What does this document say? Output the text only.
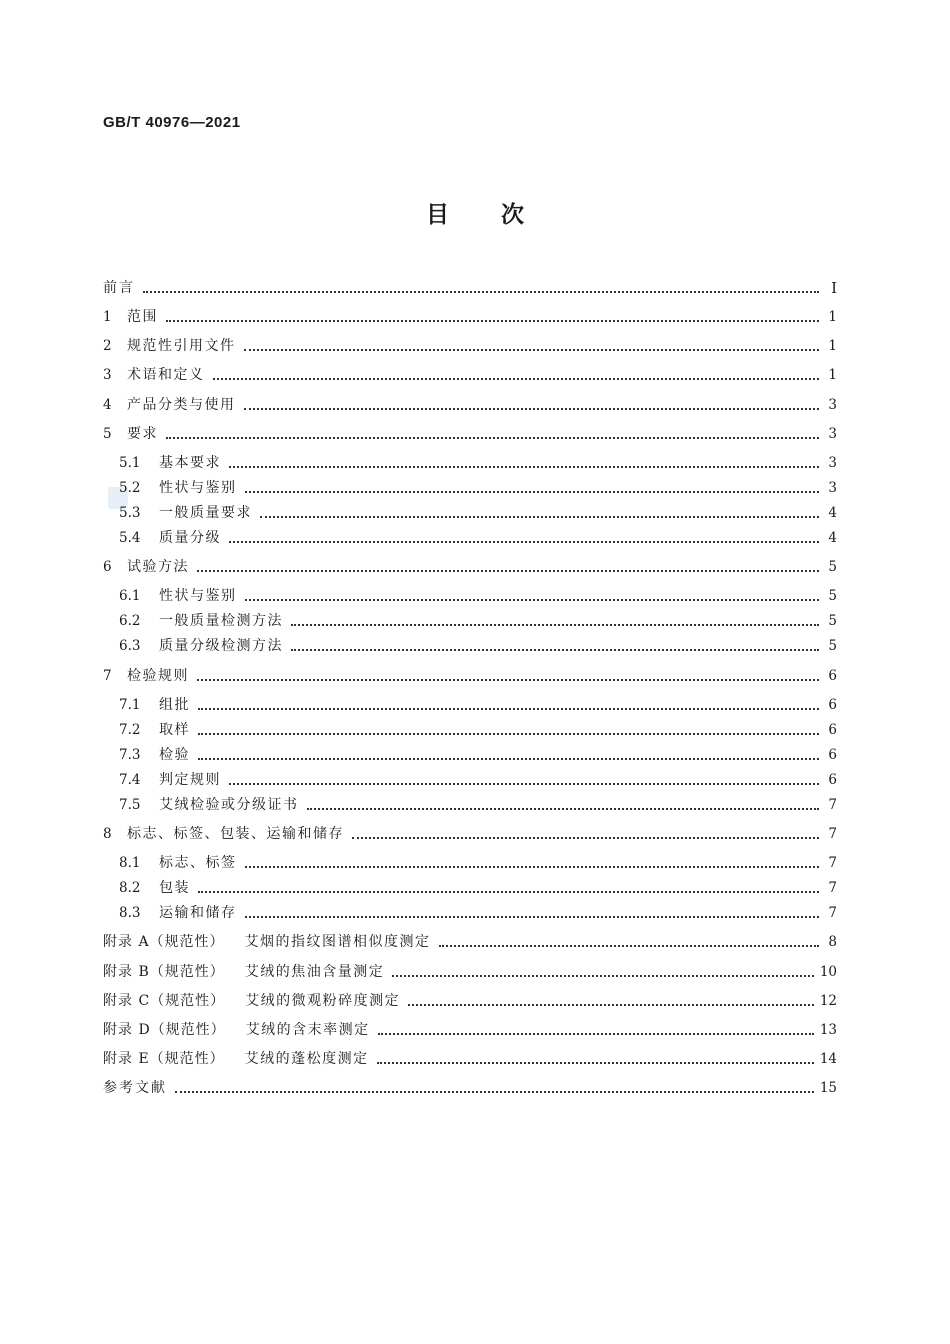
GB/T 40976—2021
目 次
前言	Ⅰ
1	范围	1
2	规范性引用文件	1
3	术语和定义	1
4	产品分类与使用	3
5	要求	3
5.1	基本要求	3
5.2	性状与鉴别	3
5.3	一般质量要求	4
5.4	质量分级	4
6	试验方法	5
6.1	性状与鉴别	5
6.2	一般质量检测方法	5
6.3	质量分级检测方法	5
7	检验规则	6
7.1	组批	6
7.2	取样	6
7.3	检验	6
7.4	判定规则	6
7.5	艾绒检验或分级证书	7
8	标志、标签、包装、运输和储存	7
8.1	标志、标签	7
8.2	包装	7
8.3	运输和储存	7
附录 A（规范性） 艾烟的指纹图谱相似度测定	8
附录 B（规范性） 艾绒的焦油含量测定	10
附录 C（规范性） 艾绒的微观粉碎度测定	12
附录 D（规范性） 艾绒的含末率测定	13
附录 E（规范性） 艾绒的蓬松度测定	14
参考文献	15
